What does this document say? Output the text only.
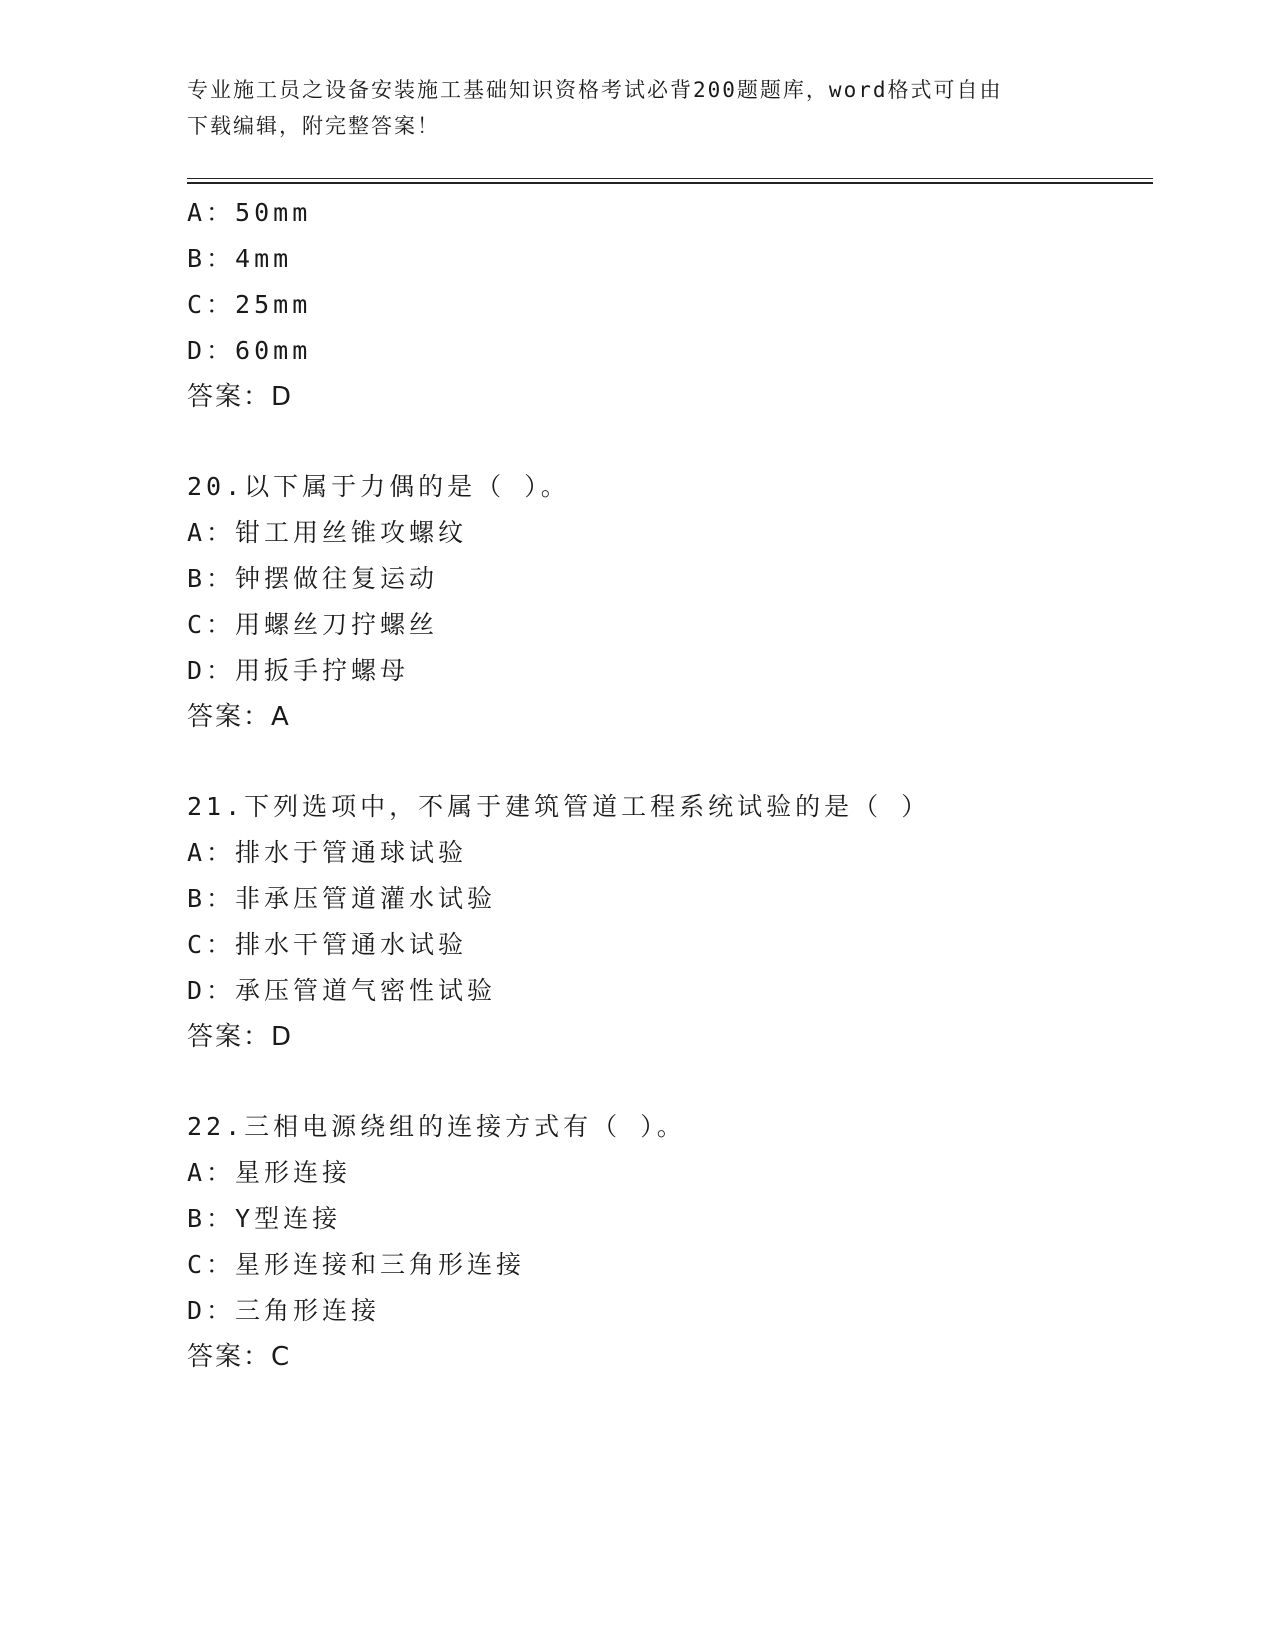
专业施工员之设备安装施工基础知识资格考试必背200题题库，word格式可自由
下载编辑，附完整答案！
A：50mm
B：4mm
C：25mm
D：60mm
答案：D
20.以下属于力偶的是（ ）。
A：钳工用丝锥攻螺纹
B：钟摆做往复运动
C：用螺丝刀拧螺丝
D：用扳手拧螺母
答案：A
21.下列选项中，不属于建筑管道工程系统试验的是（ ）
A：排水于管通球试验
B：非承压管道灌水试验
C：排水干管通水试验
D：承压管道气密性试验
答案：D
22.三相电源绕组的连接方式有（ ）。
A：星形连接
B：Y型连接
C：星形连接和三角形连接
D：三角形连接
答案：C
